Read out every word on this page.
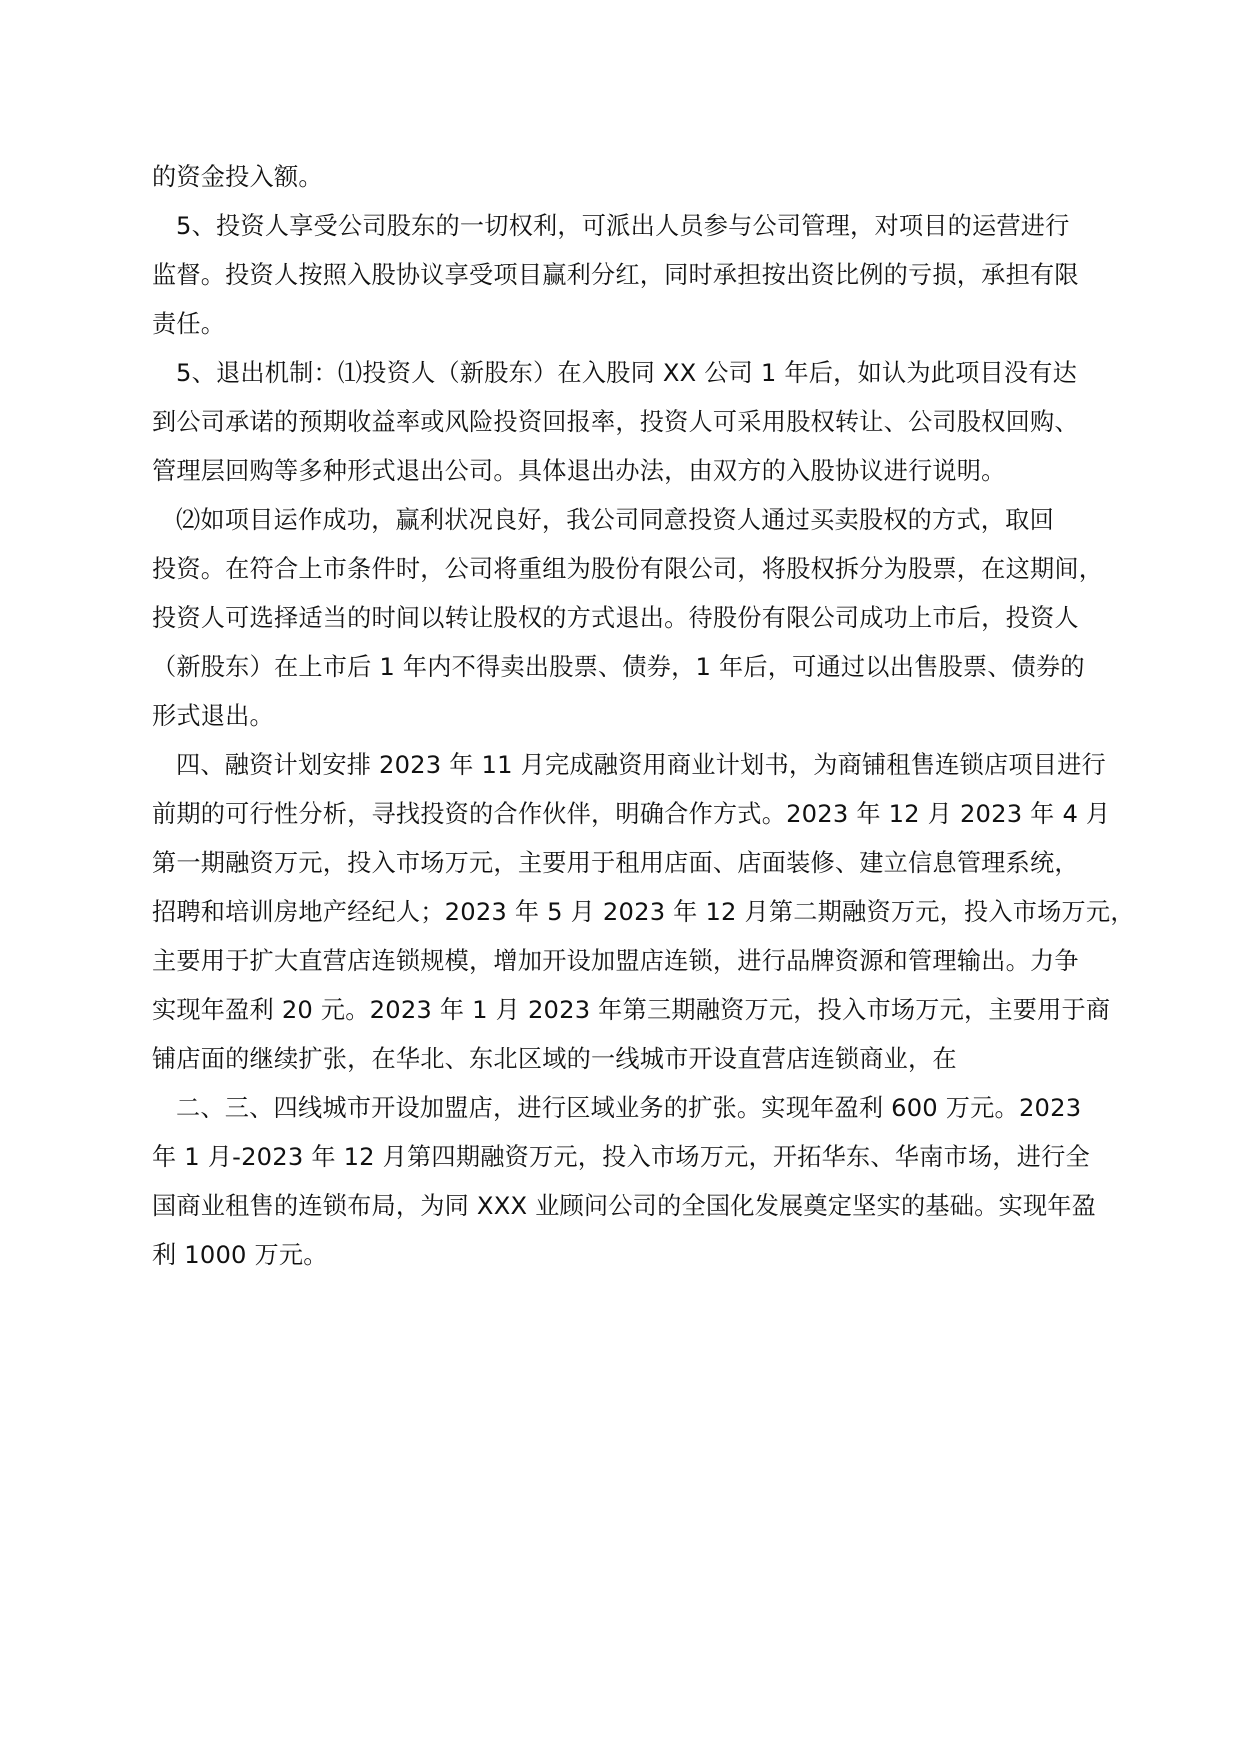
的资金投入额。
5、投资人享受公司股东的一切权利，可派出人员参与公司管理，对项目的运营进行
监督。投资人按照入股协议享受项目赢利分红，同时承担按出资比例的亏损，承担有限
责任。
5、退出机制：⑴投资人（新股东）在入股同 XX 公司 1 年后，如认为此项目没有达
到公司承诺的预期收益率或风险投资回报率，投资人可采用股权转让、公司股权回购、
管理层回购等多种形式退出公司。具体退出办法，由双方的入股协议进行说明。
⑵如项目运作成功，赢利状况良好，我公司同意投资人通过买卖股权的方式，取回
投资。在符合上市条件时，公司将重组为股份有限公司，将股权拆分为股票，在这期间，
投资人可选择适当的时间以转让股权的方式退出。待股份有限公司成功上市后，投资人
（新股东）在上市后 1 年内不得卖出股票、债券，1 年后，可通过以出售股票、债券的
形式退出。
四、融资计划安排 2023 年 11 月完成融资用商业计划书，为商铺租售连锁店项目进行
前期的可行性分析，寻找投资的合作伙伴，明确合作方式。2023 年 12 月 2023 年 4 月
第一期融资万元，投入市场万元，主要用于租用店面、店面装修、建立信息管理系统，
招聘和培训房地产经纪人；2023 年 5 月 2023 年 12 月第二期融资万元，投入市场万元，
主要用于扩大直营店连锁规模，增加开设加盟店连锁，进行品牌资源和管理输出。力争
实现年盈利 20 元。2023 年 1 月 2023 年第三期融资万元，投入市场万元，主要用于商
铺店面的继续扩张，在华北、东北区域的一线城市开设直营店连锁商业，在
二、三、四线城市开设加盟店，进行区域业务的扩张。实现年盈利 600 万元。2023
年 1 月-2023 年 12 月第四期融资万元，投入市场万元，开拓华东、华南市场，进行全
国商业租售的连锁布局，为同 XXX 业顾问公司的全国化发展奠定坚实的基础。实现年盈
利 1000 万元。
